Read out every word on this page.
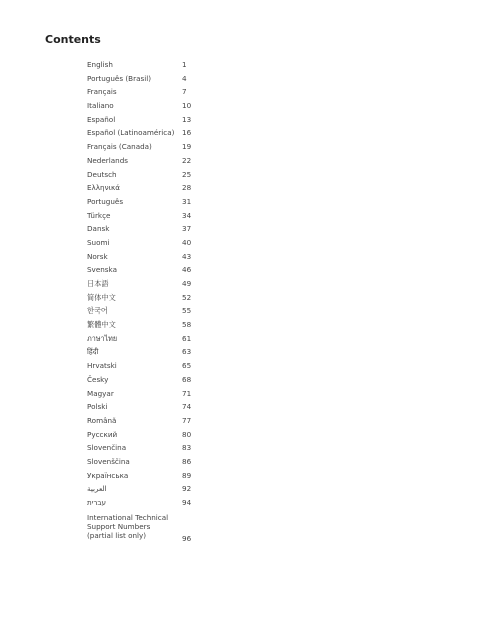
Contents
English	1
Português (Brasil)	4
Français	7
Italiano	10
Español	13
Español (Latinoamérica) 16
Français (Canada)	19
Nederlands	22
Deutsch	25
Ελληνικά	28
Português	31
Türkçe	34
Dansk	37
Suomi	40
Norsk	43
Svenska	46
日本語	49
简体中文	52
한국어	55
繁體中文	58
ภาษาไทย	61
हिंदी	63
Hrvatski	65
Česky	68
Magyar	71
Polski	74
Română	77
Русский	80
Slovenčina	83
Slovenščina	86
Українська	89
العربية	92
עברית	94
International Technical Support Numbers (partial list only)	96
